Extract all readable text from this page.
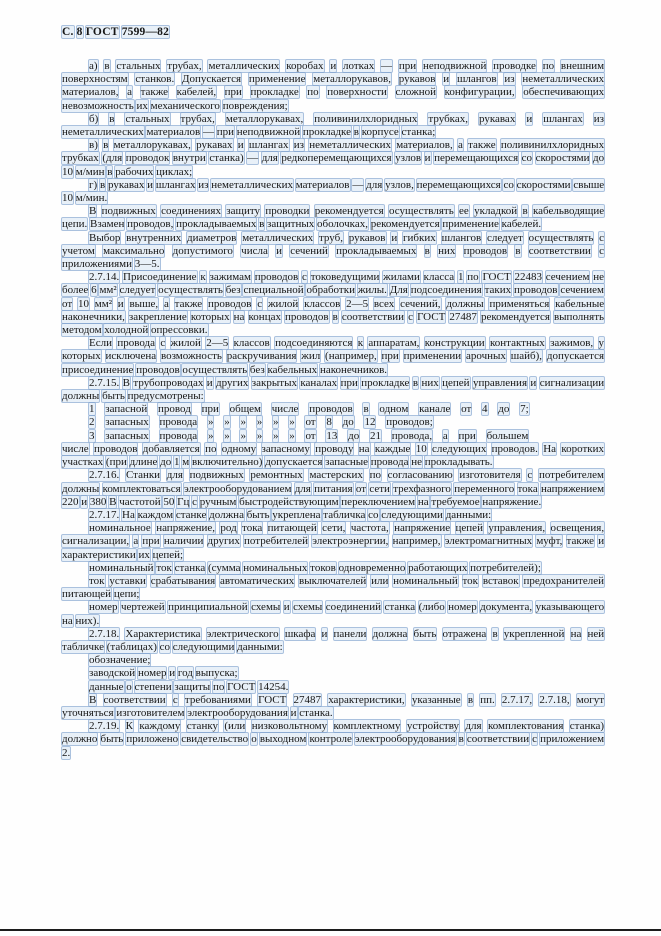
С. 8 ГОСТ 7599—82

а) в стальных трубах, металлических коробах и лотках — при неподвижной проводке по внешним поверхностям станков. Допускается применение металлорукавов, рукавов и шлангов из неметаллических материалов, а также кабелей, при прокладке по поверхности сложной конфигурации, обеспечивающих невозможность их механического повреждения;

б) в стальных трубах, металлорукавах, поливинилхлоридных трубках, рукавах и шлангах из неметаллических материалов — при неподвижной прокладке в корпусе станка;

в) в металлорукавах, рукавах и шлангах из неметаллических материалов, а также поливинилхлоридных трубках (для проводок внутри станка) — для редкоперемещающихся узлов и перемещающихся со скоростями до 10 м/мин в рабочих циклах;

г) в рукавах и шлангах из неметаллических материалов — для узлов, перемещающихся со скоростями свыше 10 м/мин.

В подвижных соединениях защиту проводки рекомендуется осуществлять ее укладкой в кабельводящие цепи. Взамен проводов, прокладываемых в защитных оболочках, рекомендуется применение кабелей.

Выбор внутренних диаметров металлических труб, рукавов и гибких шлангов следует осуществлять с учетом максимально допустимого числа и сечений прокладываемых в них проводов в соответствии с приложениями 3—5.

2.7.14. Присоединение к зажимам проводов с токоведущими жилами класса 1 по ГОСТ 22483 сечением не более 6 мм² следует осуществлять без специальной обработки жилы. Для подсоединения таких проводов сечением от 10 мм² и выше, а также проводов с жилой классов 2—5 всех сечений, должны применяться кабельные наконечники, закрепление которых на концах проводов в соответствии с ГОСТ 27487 рекомендуется выполнять методом холодной опрессовки.

Если провода с жилой 2—5 классов подсоединяются к аппаратам, конструкции контактных зажимов, у которых исключена возможность раскручивания жил (например, при применении арочных шайб), допускается присоединение проводов осуществлять без кабельных наконечников.

2.7.15. В трубопроводах и других закрытых каналах при прокладке в них цепей управления и сигнализации должны быть предусмотрены:

1 запасной провод при общем числе проводов в одном канале от 4 до 7;

2 запасных провода » » » » » » от 8 до 12 проводов;

3 запасных провода » » » » » » от 13 до 21 провода, а при большем

числе проводов добавляется по одному запасному проводу на каждые 10 следующих проводов. На коротких участках (при длине до 1 м включительно) допускается запасные провода не прокладывать.

2.7.16. Станки для подвижных ремонтных мастерских по согласованию изготовителя с потребителем должны комплектоваться электрооборудованием для питания от сети трехфазного переменного тока напряжением 220 и 380 В частотой 50 Гц с ручным быстродействующим переключением на требуемое напряжение.

2.7.17. На каждом станке должна быть укреплена табличка со следующими данными:

номинальное напряжение, род тока питающей сети, частота, напряжение цепей управления, освещения, сигнализации, а при наличии других потребителей электроэнергии, например, электромагнитных муфт, также и характеристики их цепей;

номинальный ток станка (сумма номинальных токов одновременно работающих потребителей);

ток уставки срабатывания автоматических выключателей или номинальный ток вставок предохранителей питающей цепи;

номер чертежей принципиальной схемы и схемы соединений станка (либо номер документа, указывающего на них).

2.7.18. Характеристика электрического шкафа и панели должна быть отражена в укрепленной на ней табличке (таблицах) со следующими данными:

обозначение;

заводской номер и год выпуска;

данные о степени защиты по ГОСТ 14254.

В соответствии с требованиями ГОСТ 27487 характеристики, указанные в пп. 2.7.17, 2.7.18, могут уточняться изготовителем электрооборудования и станка.

2.7.19. К каждому станку (или низковольтному комплектному устройству для комплектования станка) должно быть приложено свидетельство о выходном контроле электрооборудования в соответствии с приложением 2.
